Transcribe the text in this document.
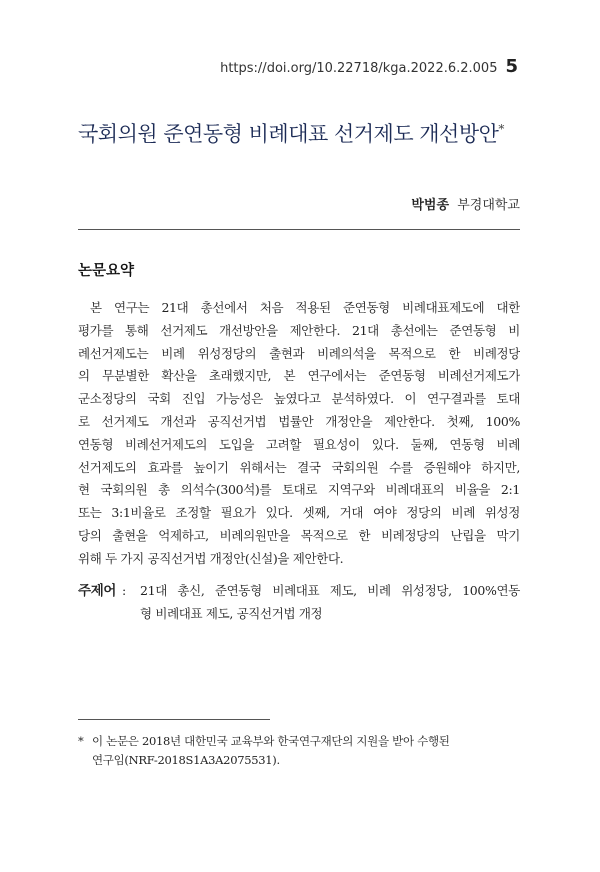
https://doi.org/10.22718/kga.2022.6.2.005 5
국회의원 준연동형 비례대표 선거제도 개선방안*
박범종 부경대학교
논문요약
본 연구는 21대 총선에서 처음 적용된 준연동형 비례대표제도에 대한
평가를 통해 선거제도 개선방안을 제안한다. 21대 총선에는 준연동형 비
례선거제도는 비례 위성정당의 출현과 비례의석을 목적으로 한 비례정당
의 무분별한 확산을 초래했지만, 본 연구에서는 준연동형 비례선거제도가
군소정당의 국회 진입 가능성은 높였다고 분석하였다. 이 연구결과를 토대
로 선거제도 개선과 공직선거법 법률안 개정안을 제안한다. 첫째, 100%
연동형 비례선거제도의 도입을 고려할 필요성이 있다. 둘째, 연동형 비례
선거제도의 효과를 높이기 위해서는 결국 국회의원 수를 증원해야 하지만,
현 국회의원 총 의석수(300석)를 토대로 지역구와 비례대표의 비율을 2:1
또는 3:1비율로 조정할 필요가 있다. 셋째, 거대 여야 정당의 비례 위성정
당의 출현을 억제하고, 비례의원만을 목적으로 한 비례정당의 난립을 막기
위해 두 가지 공직선거법 개정안(신설)을 제안한다.
주제어 :	21대 총신, 준연동형 비례대표 제도, 비례 위성정당, 100%연동
형 비례대표 제도, 공직선거법 개정
* 이 논문은 2018년 대한민국 교육부와 한국연구재단의 지원을 받아 수행된
연구임(NRF-2018S1A3A2075531).
